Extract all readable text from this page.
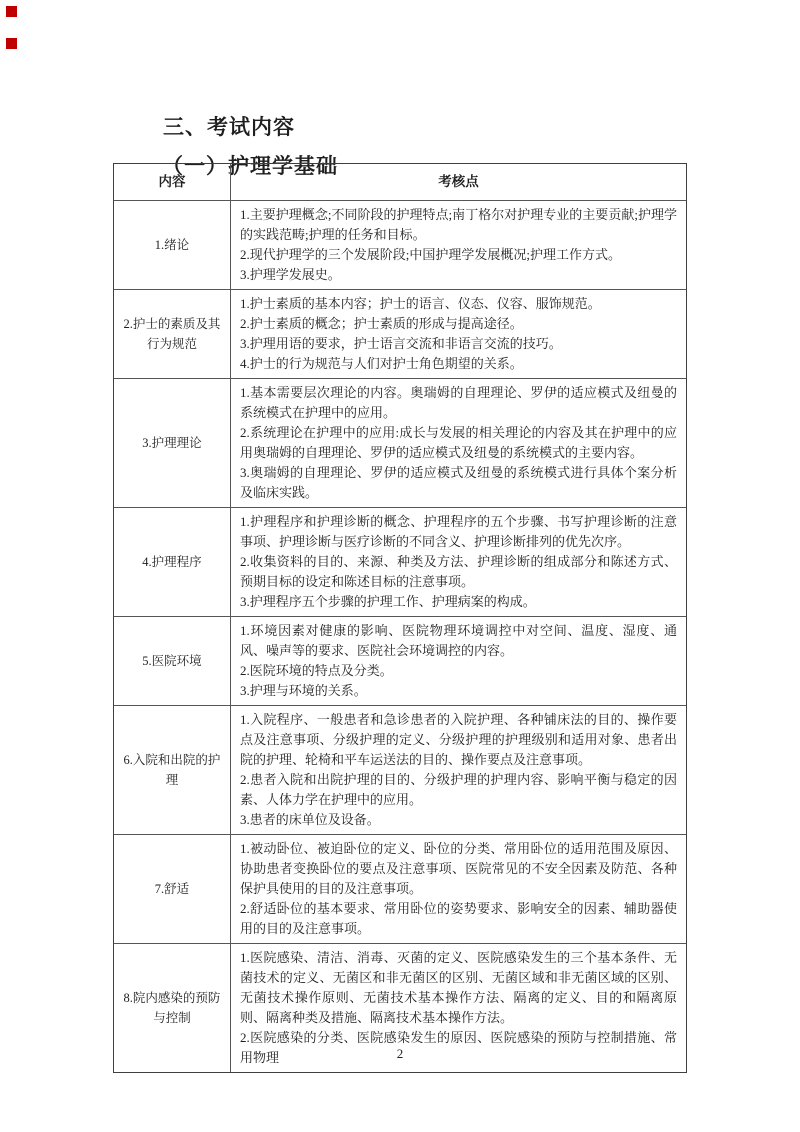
三、考试内容
（一）护理学基础
内容	考核点
1.绪论

1.主要护理概念;不同阶段的护理特点;南丁格尔对护理专业的主要贡献;护理学的实践范畴;护理的任务和目标。

2.现代护理学的三个发展阶段;中国护理学发展概况;护理工作方式。

3.护理学发展史。

2.护士的素质及其行为规范

1.护士素质的基本内容；护士的语言、仪态、仪容、服饰规范。

2.护士素质的概念；护士素质的形成与提高途径。

3.护理用语的要求，护士语言交流和非语言交流的技巧。

4.护士的行为规范与人们对护士角色期望的关系。

3.护理理论

1.基本需要层次理论的内容。奥瑞姆的自理理论、罗伊的适应模式及纽曼的系统模式在护理中的应用。

2.系统理论在护理中的应用:成长与发展的相关理论的内容及其在护理中的应用奥瑞姆的自理理论、罗伊的适应模式及纽曼的系统模式的主要内容。

3.奥瑞姆的自理理论、罗伊的适应模式及纽曼的系统模式进行具体个案分析及临床实践。

4.护理程序

1.护理程序和护理诊断的概念、护理程序的五个步骤、书写护理诊断的注意事项、护理诊断与医疗诊断的不同含义、护理诊断排列的优先次序。

2.收集资料的目的、来源、种类及方法、护理诊断的组成部分和陈述方式、预期目标的设定和陈述目标的注意事项。

3.护理程序五个步骤的护理工作、护理病案的构成。

5.医院环境

1.环境因素对健康的影响、医院物理环境调控中对空间、温度、湿度、通风、噪声等的要求、医院社会环境调控的内容。

2.医院环境的特点及分类。

3.护理与环境的关系。

6.入院和出院的护理

1.入院程序、一般患者和急诊患者的入院护理、各种铺床法的目的、操作要点及注意事项、分级护理的定义、分级护理的护理级别和适用对象、患者出院的护理、轮椅和平车运送法的目的、操作要点及注意事项。

2.患者入院和出院护理的目的、分级护理的护理内容、影响平衡与稳定的因素、人体力学在护理中的应用。

3.患者的床单位及设备。

7.舒适

1.被动卧位、被迫卧位的定义、卧位的分类、常用卧位的适用范围及原因、协助患者变换卧位的要点及注意事项、医院常见的不安全因素及防范、各种保护具使用的目的及注意事项。

2.舒适卧位的基本要求、常用卧位的姿势要求、影响安全的因素、辅助器使用的目的及注意事项。

8.院内感染的预防与控制

1.医院感染、清洁、消毒、灭菌的定义、医院感染发生的三个基本条件、无菌技术的定义、无菌区和非无菌区的区别、无菌区域和非无菌区域的区别、无菌技术操作原则、无菌技术基本操作方法、隔离的定义、目的和隔离原则、隔离种类及措施、隔离技术基本操作方法。

2.医院感染的分类、医院感染发生的原因、医院感染的预防与控制措施、常用物理	2
